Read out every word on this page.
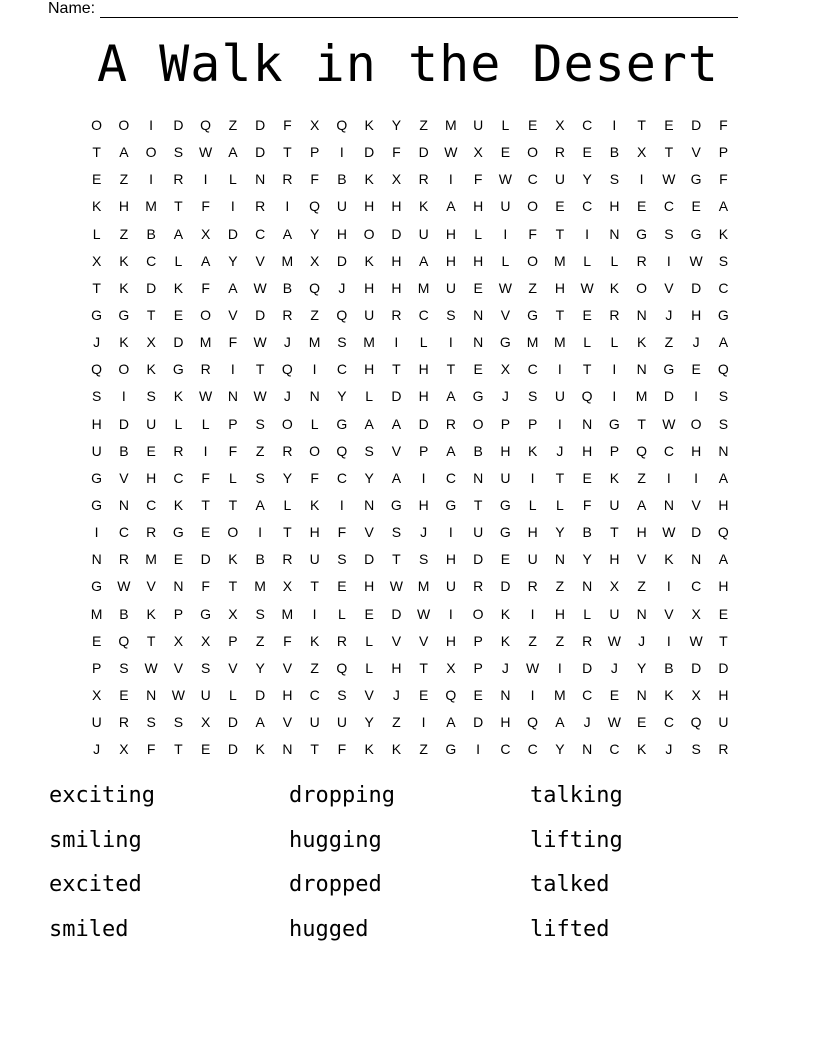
Name:
A Walk in the Desert
O	O	I	D	Q	Z	D	F	X	Q	K	Y	Z	M	U	L	E	X	C	I	T	E	D	F
T	A	O	S	W	A	D	T	P	I	D	F	D	W	X	E	O	R	E	B	X	T	V	P
E	Z	I	R	I	L	N	R	F	B	K	X	R	I	F	W	C	U	Y	S	I	W	G	F
K	H	M	T	F	I	R	I	Q	U	H	H	K	A	H	U	O	E	C	H	E	C	E	A
L	Z	B	A	X	D	C	A	Y	H	O	D	U	H	L	I	F	T	I	N	G	S	G	K
X	K	C	L	A	Y	V	M	X	D	K	H	A	H	H	L	O	M	L	L	R	I	W	S
T	K	D	K	F	A	W	B	Q	J	H	H	M	U	E	W	Z	H	W	K	O	V	D	C
G	G	T	E	O	V	D	R	Z	Q	U	R	C	S	N	V	G	T	E	R	N	J	H	G
J	K	X	D	M	F	W	J	M	S	M	I	L	I	N	G	M	M	L	L	K	Z	J	A
Q	O	K	G	R	I	T	Q	I	C	H	T	H	T	E	X	C	I	T	I	N	G	E	Q
S	I	S	K	W	N	W	J	N	Y	L	D	H	A	G	J	S	U	Q	I	M	D	I	S
H	D	U	L	L	P	S	O	L	G	A	A	D	R	O	P	P	I	N	G	T	W	O	S
U	B	E	R	I	F	Z	R	O	Q	S	V	P	A	B	H	K	J	H	P	Q	C	H	N
G	V	H	C	F	L	S	Y	F	C	Y	A	I	C	N	U	I	T	E	K	Z	I	I	A
G	N	C	K	T	T	A	L	K	I	N	G	H	G	T	G	L	L	F	U	A	N	V	H
I	C	R	G	E	O	I	T	H	F	V	S	J	I	U	G	H	Y	B	T	H	W	D	Q
N	R	M	E	D	K	B	R	U	S	D	T	S	H	D	E	U	N	Y	H	V	K	N	A
G	W	V	N	F	T	M	X	T	E	H	W	M	U	R	D	R	Z	N	X	Z	I	C	H
M	B	K	P	G	X	S	M	I	L	E	D	W	I	O	K	I	H	L	U	N	V	X	E
E	Q	T	X	X	P	Z	F	K	R	L	V	V	H	P	K	Z	Z	R	W	J	I	W	T
P	S	W	V	S	V	Y	V	Z	Q	L	H	T	X	P	J	W	I	D	J	Y	B	D	D
X	E	N	W	U	L	D	H	C	S	V	J	E	Q	E	N	I	M	C	E	N	K	X	H
U	R	S	S	X	D	A	V	U	U	Y	Z	I	A	D	H	Q	A	J	W	E	C	Q	U
J	X	F	T	E	D	K	N	T	F	K	K	Z	G	I	C	C	Y	N	C	K	J	S	R
exciting	dropping	talking
smiling	hugging	lifting
excited	dropped	talked
smiled	hugged	lifted
